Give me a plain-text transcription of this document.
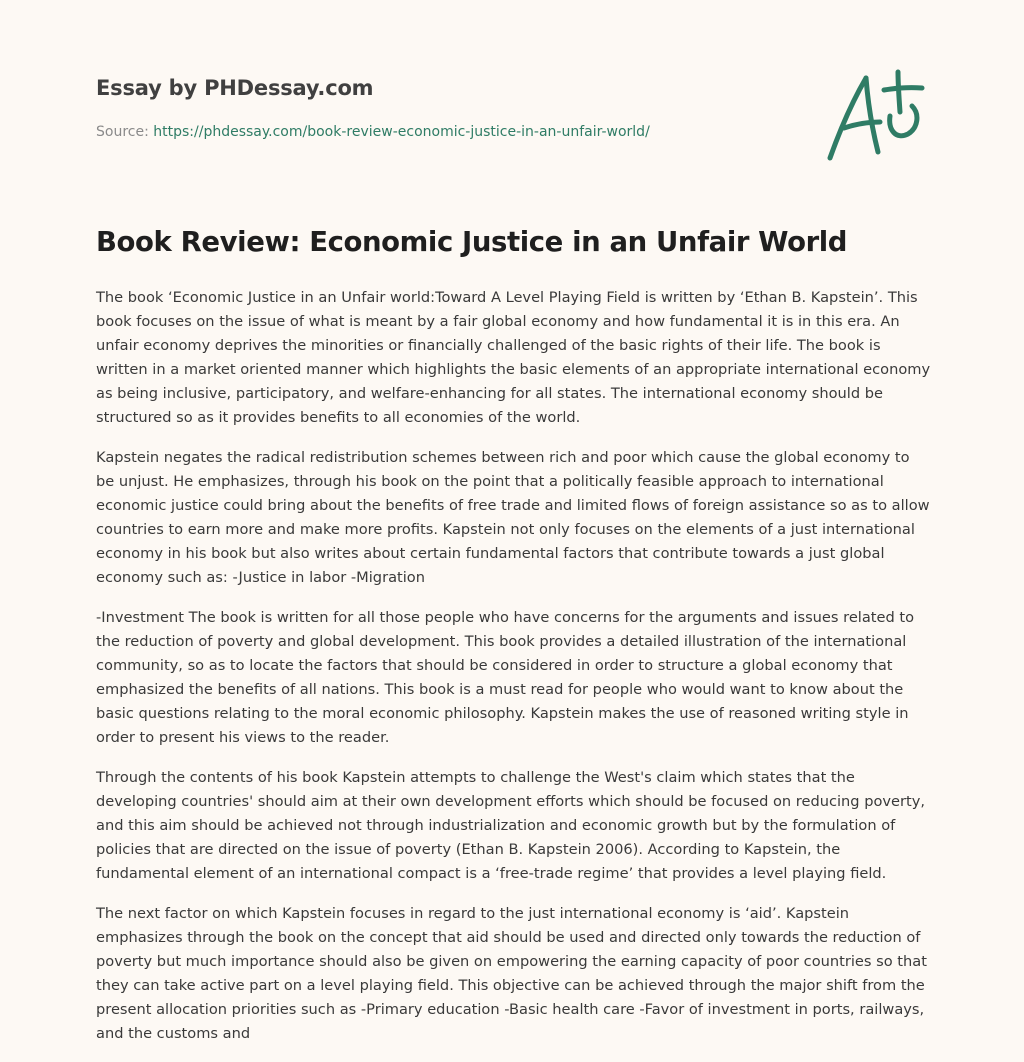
Essay by PHDessay.com
Source: https://phdessay.com/book-review-economic-justice-in-an-unfair-world/
Book Review: Economic Justice in an Unfair World

The book ‘Economic Justice in an Unfair world:Toward A Level Playing Field is written by ‘Ethan B. Kapstein’. This book focuses on the issue of what is meant by a fair global economy and how fundamental it is in this era. An unfair economy deprives the minorities or financially challenged of the basic rights of their life. The book is written in a market oriented manner which highlights the basic elements of an appropriate international economy as being inclusive, participatory, and welfare-enhancing for all states. The international economy should be structured so as it provides benefits to all economies of the world.

Kapstein negates the radical redistribution schemes between rich and poor which cause the global economy to be unjust. He emphasizes, through his book on the point that a politically feasible approach to international economic justice could bring about the benefits of free trade and limited flows of foreign assistance so as to allow countries to earn more and make more profits. Kapstein not only focuses on the elements of a just international economy in his book but also writes about certain fundamental factors that contribute towards a just global economy such as: -Justice in labor -Migration

-Investment The book is written for all those people who have concerns for the arguments and issues related to the reduction of poverty and global development. This book provides a detailed illustration of the international community, so as to locate the factors that should be considered in order to structure a global economy that emphasized the benefits of all nations. This book is a must read for people who would want to know about the basic questions relating to the moral economic philosophy. Kapstein makes the use of reasoned writing style in order to present his views to the reader.

Through the contents of his book Kapstein attempts to challenge the West's claim which states that the developing countries' should aim at their own development efforts which should be focused on reducing poverty, and this aim should be achieved not through industrialization and economic growth but by the formulation of policies that are directed on the issue of poverty (Ethan B. Kapstein 2006). According to Kapstein, the fundamental element of an international compact is a ‘free-trade regime’ that provides a level playing field.

The next factor on which Kapstein focuses in regard to the just international economy is ‘aid’. Kapstein emphasizes through the book on the concept that aid should be used and directed only towards the reduction of poverty but much importance should also be given on empowering the earning capacity of poor countries so that they can take active part on a level playing field. This objective can be achieved through the major shift from the present allocation priorities such as -Primary education -Basic health care -Favor of investment in ports, railways, and the customs and
